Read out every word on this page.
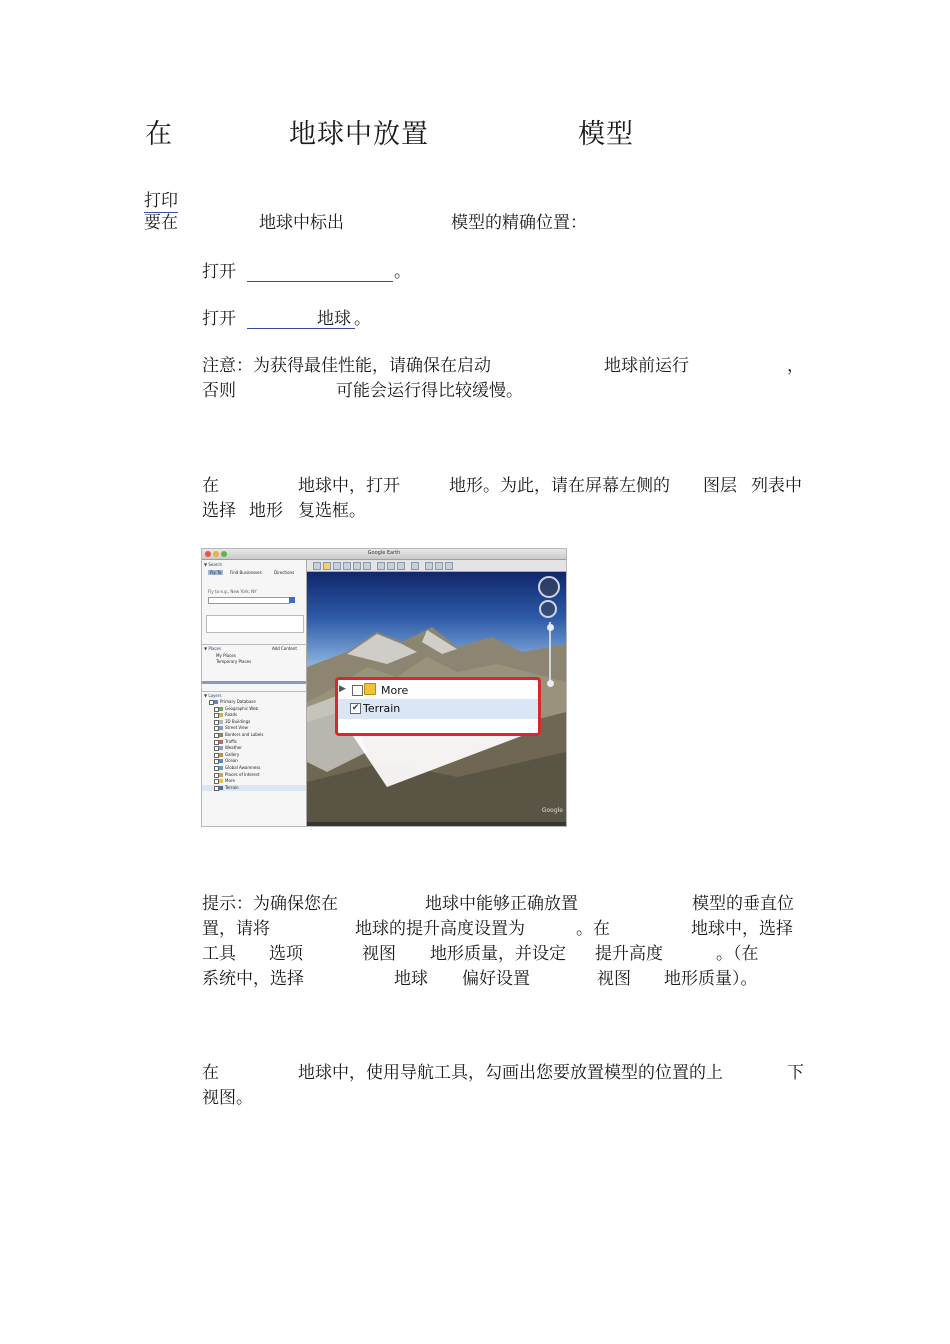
在	地球中放置	模型
打印
要在	地球中标出	模型的精确位置：
打开	。
打开	地球 。
注意：为获得最佳性能，请确保在启动	地球前运行	，
否则	可能会运行得比较缓慢。
在	地球中，打开	地形。为此，请在屏幕左侧的 图层 列表中
选择 地形 复选框。
Google Earth
▼ Search
Fly To	Find Businesses	Directions
Fly to e.g., New York, NY
▼ Places	Add Content
My Places
Temporary Places
▼ Layers
Primary Database
Geographic Web
Roads
3D Buildings
Street View
Borders and Labels
Traffic
Weather
Gallery
Ocean
Global Awareness
Places of Interest
More
Terrain
Google
▶	More
✔ Terrain
提示：为确保您在	地球中能够正确放置	模型的垂直位
置，请将	地球的提升高度设置为	。在	地球中，选择
工具 选项	视图 地形质量，并设定 提升高度	。（在
系统中，选择	地球 偏好设置	视图 地形质量）。
在	地球中，使用导航工具，勾画出您要放置模型的位置的上	下
视图。
